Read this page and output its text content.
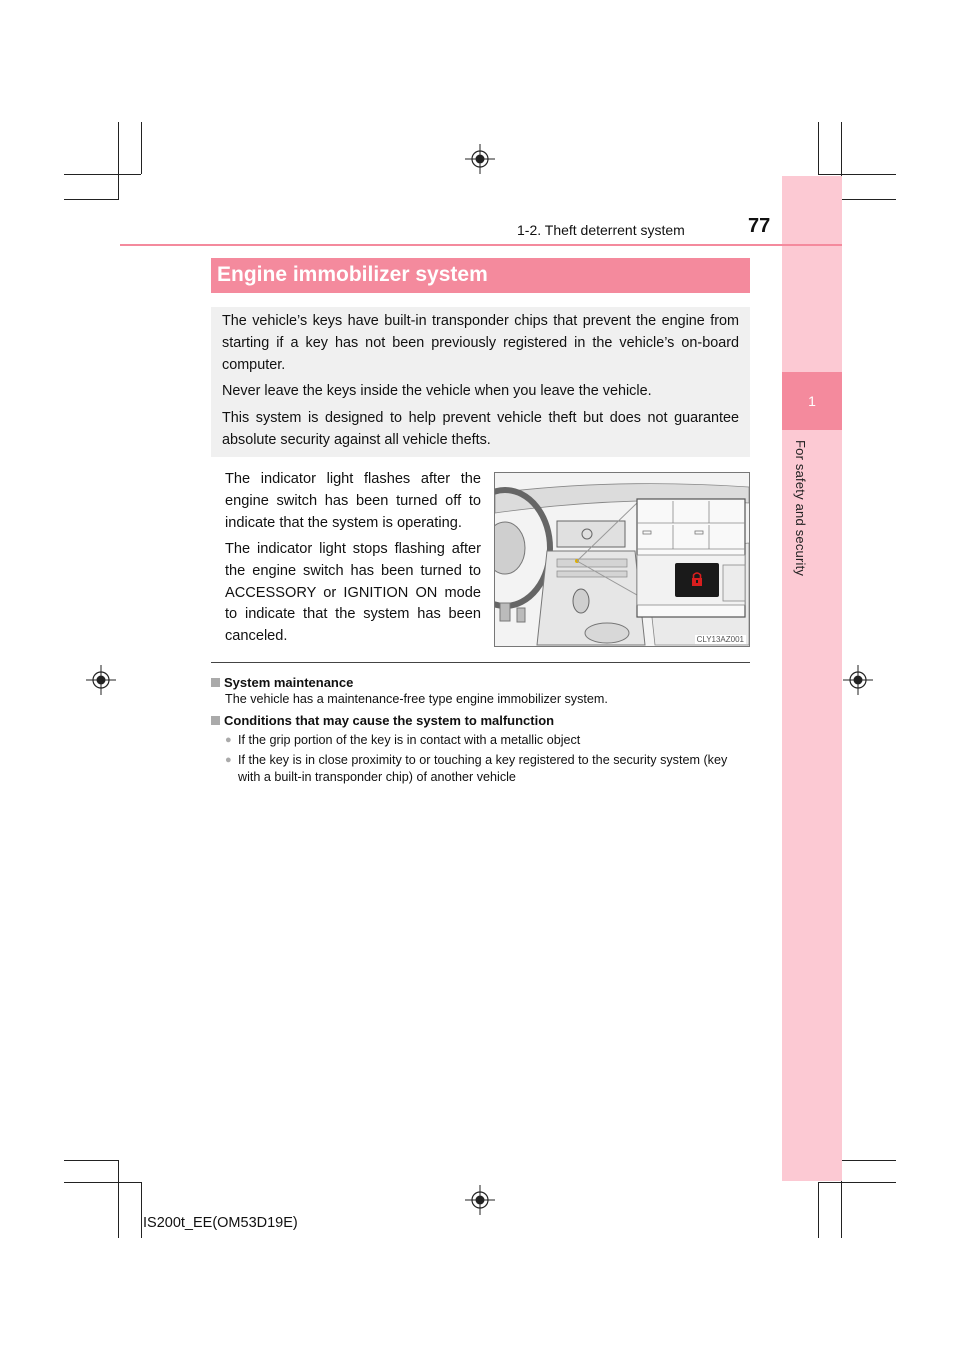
1
For safety and security
1-2. Theft deterrent system	77
Engine immobilizer system

The vehicle’s keys have built-in transponder chips that prevent the engine from starting if a key has not been previously registered in the vehicle’s on-board computer.

Never leave the keys inside the vehicle when you leave the vehicle.

This system is designed to help prevent vehicle theft but does not guarantee absolute security against all vehicle thefts.

The indicator light flashes after the engine switch has been turned off to indicate that the system is operating.

The indicator light stops flashing after the engine switch has been turned to ACCESSORY or IGNITION ON mode to indicate that the system has been canceled.	CLY13AZ001
System maintenance
The vehicle has a maintenance-free type engine immobilizer system.
Conditions that may cause the system to malfunction
● If the grip portion of the key is in contact with a metallic object
● If the key is in close proximity to or touching a key registered to the security system (key with a built-in transponder chip) of another vehicle
IS200t_EE(OM53D19E)
